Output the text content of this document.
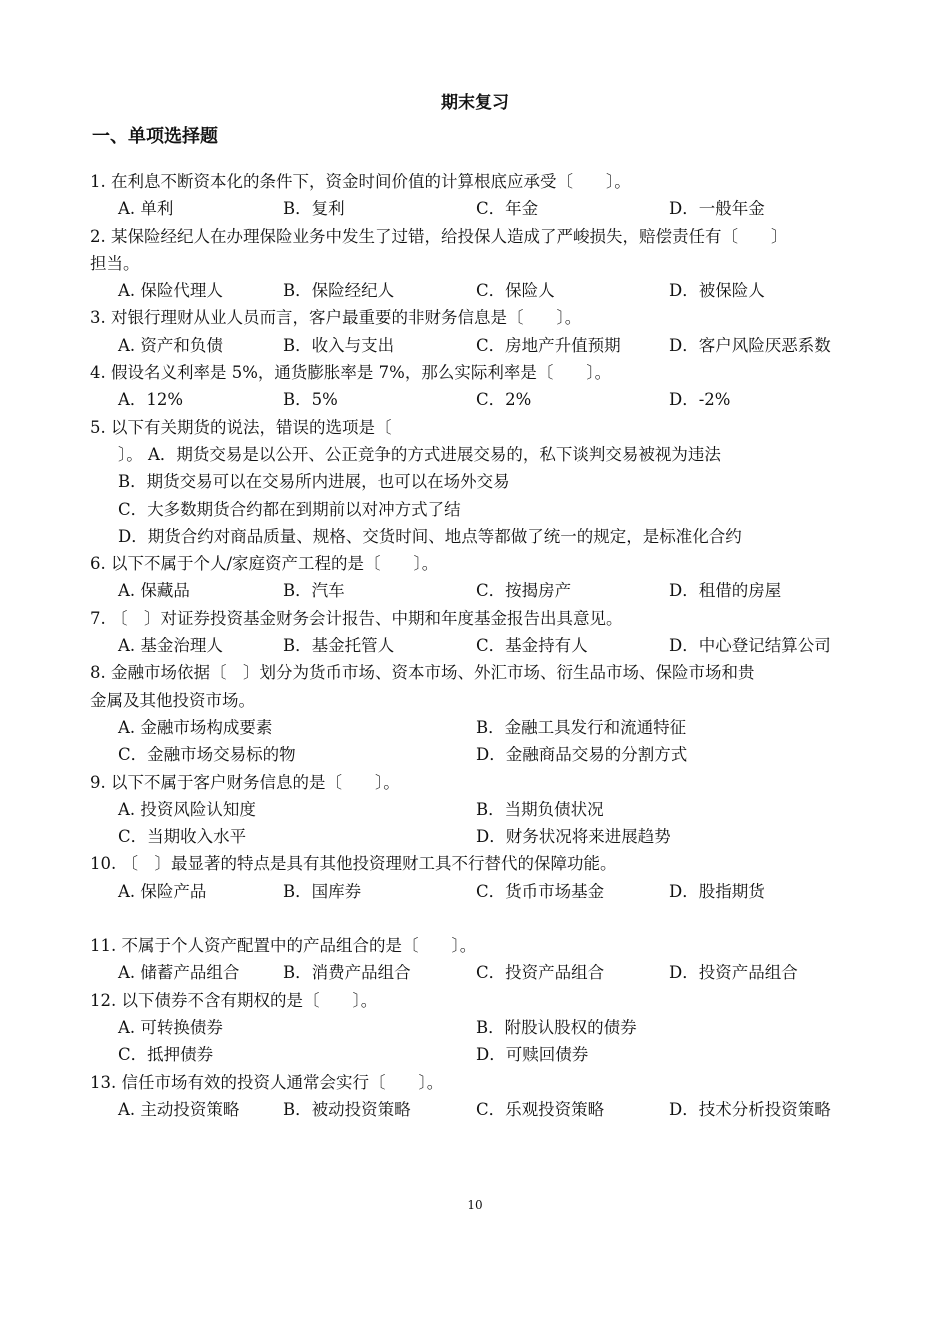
期末复习
一、单项选择题
1. 在利息不断资本化的条件下，资金时间价值的计算根底应承受〔　　〕。
A. 单利	B．复利	C．年金	D．一般年金
2. 某保险经纪人在办理保险业务中发生了过错，给投保人造成了严峻损失，赔偿责任有〔　　〕
担当。
A. 保险代理人	B．保险经纪人	C．保险人	D．被保险人
3. 对银行理财从业人员而言，客户最重要的非财务信息是〔　　〕。
A. 资产和负债	B．收入与支出	C．房地产升值预期	D．客户风险厌恶系数
4. 假设名义利率是 5%，通货膨胀率是 7%，那么实际利率是〔　　〕。
A．12%	B．5%	C．2%	D．-2%
5. 以下有关期货的说法，错误的选项是〔
〕。 A．期货交易是以公开、公正竞争的方式进展交易的，私下谈判交易被视为违法
B．期货交易可以在交易所内进展，也可以在场外交易
C．大多数期货合约都在到期前以对冲方式了结
D．期货合约对商品质量、规格、交货时间、地点等都做了统一的规定，是标准化合约
6. 以下不属于个人/家庭资产工程的是〔　　〕。
A. 保藏品	B．汽车	C．按揭房产	D．租借的房屋
7. 〔　〕对证券投资基金财务会计报告、中期和年度基金报告出具意见。
A. 基金治理人	B．基金托管人	C．基金持有人	D．中心登记结算公司
8. 金融市场依据〔　〕划分为货币市场、资本市场、外汇市场、衍生品市场、保险市场和贵
金属及其他投资市场。
A. 金融市场构成要素	B．金融工具发行和流通特征
C．金融市场交易标的物	D．金融商品交易的分割方式
9. 以下不属于客户财务信息的是〔　　〕。
A. 投资风险认知度	B．当期负债状况
C．当期收入水平	D．财务状况将来进展趋势
10. 〔　〕最显著的特点是具有其他投资理财工具不行替代的保障功能。
A. 保险产品	B．国库券	C．货币市场基金	D．股指期货
11. 不属于个人资产配置中的产品组合的是〔　　〕。
A. 储蓄产品组合	B．消费产品组合	C．投资产品组合	D．投资产品组合
12. 以下债券不含有期权的是〔　　〕。
A. 可转换债券	B．附股认股权的债券
C．抵押债券	D．可赎回债券
13. 信任市场有效的投资人通常会实行〔　　〕。
A. 主动投资策略	B．被动投资策略	C．乐观投资策略	D．技术分析投资策略
10
